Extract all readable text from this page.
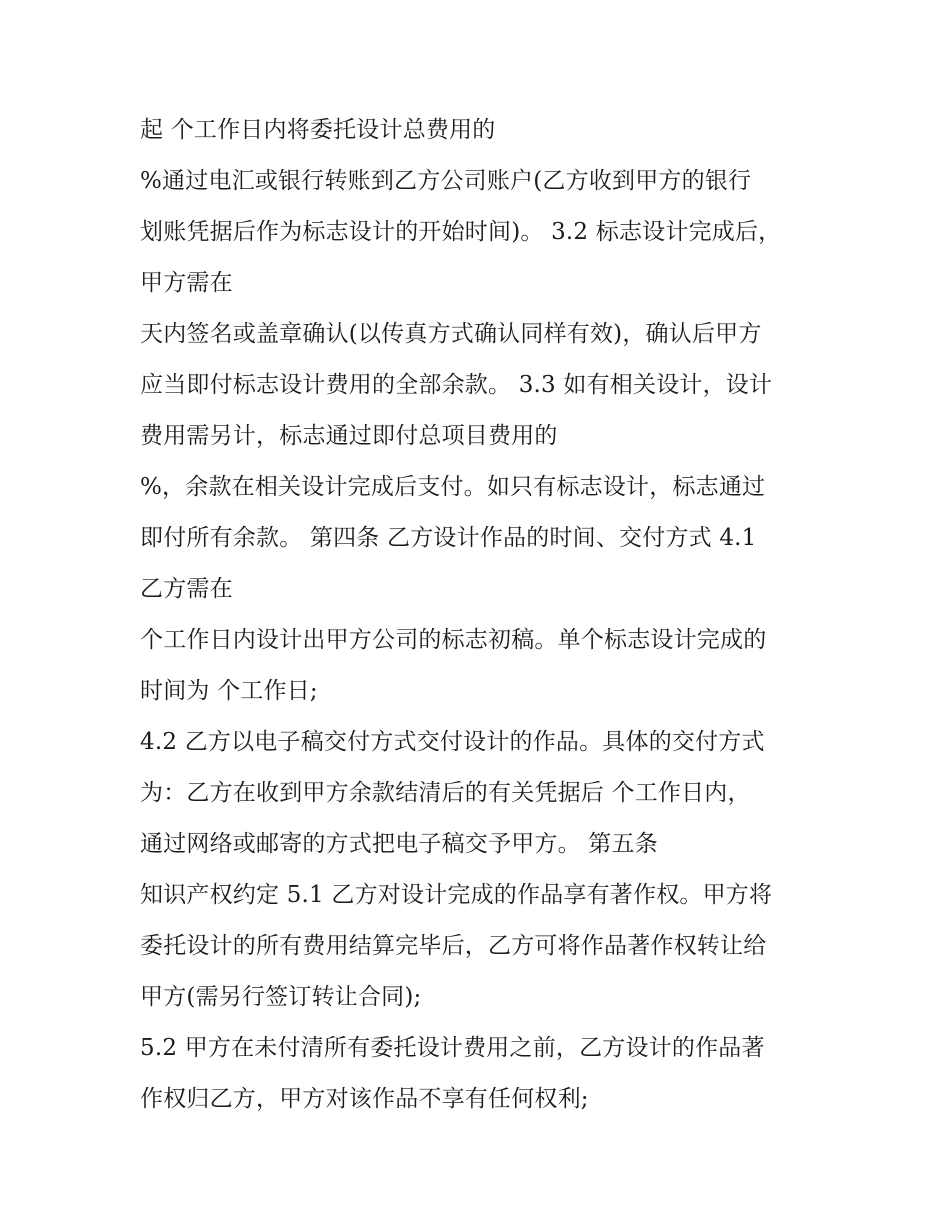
起 个工作日内将委托设计总费用的
%通过电汇或银行转账到乙方公司账户(乙方收到甲方的银行
划账凭据后作为标志设计的开始时间)。 3.2 标志设计完成后，
甲方需在
天内签名或盖章确认(以传真方式确认同样有效)，确认后甲方
应当即付标志设计费用的全部余款。 3.3 如有相关设计，设计
费用需另计，标志通过即付总项目费用的
%，余款在相关设计完成后支付。如只有标志设计，标志通过
即付所有余款。 第四条 乙方设计作品的时间、交付方式 4.1
乙方需在
个工作日内设计出甲方公司的标志初稿。单个标志设计完成的
时间为 个工作日;
4.2 乙方以电子稿交付方式交付设计的作品。具体的交付方式
为：乙方在收到甲方余款结清后的有关凭据后 个工作日内，
通过网络或邮寄的方式把电子稿交予甲方。 第五条
知识产权约定 5.1 乙方对设计完成的作品享有著作权。甲方将
委托设计的所有费用结算完毕后，乙方可将作品著作权转让给
甲方(需另行签订转让合同);
5.2 甲方在未付清所有委托设计费用之前，乙方设计的作品著
作权归乙方，甲方对该作品不享有任何权利;
